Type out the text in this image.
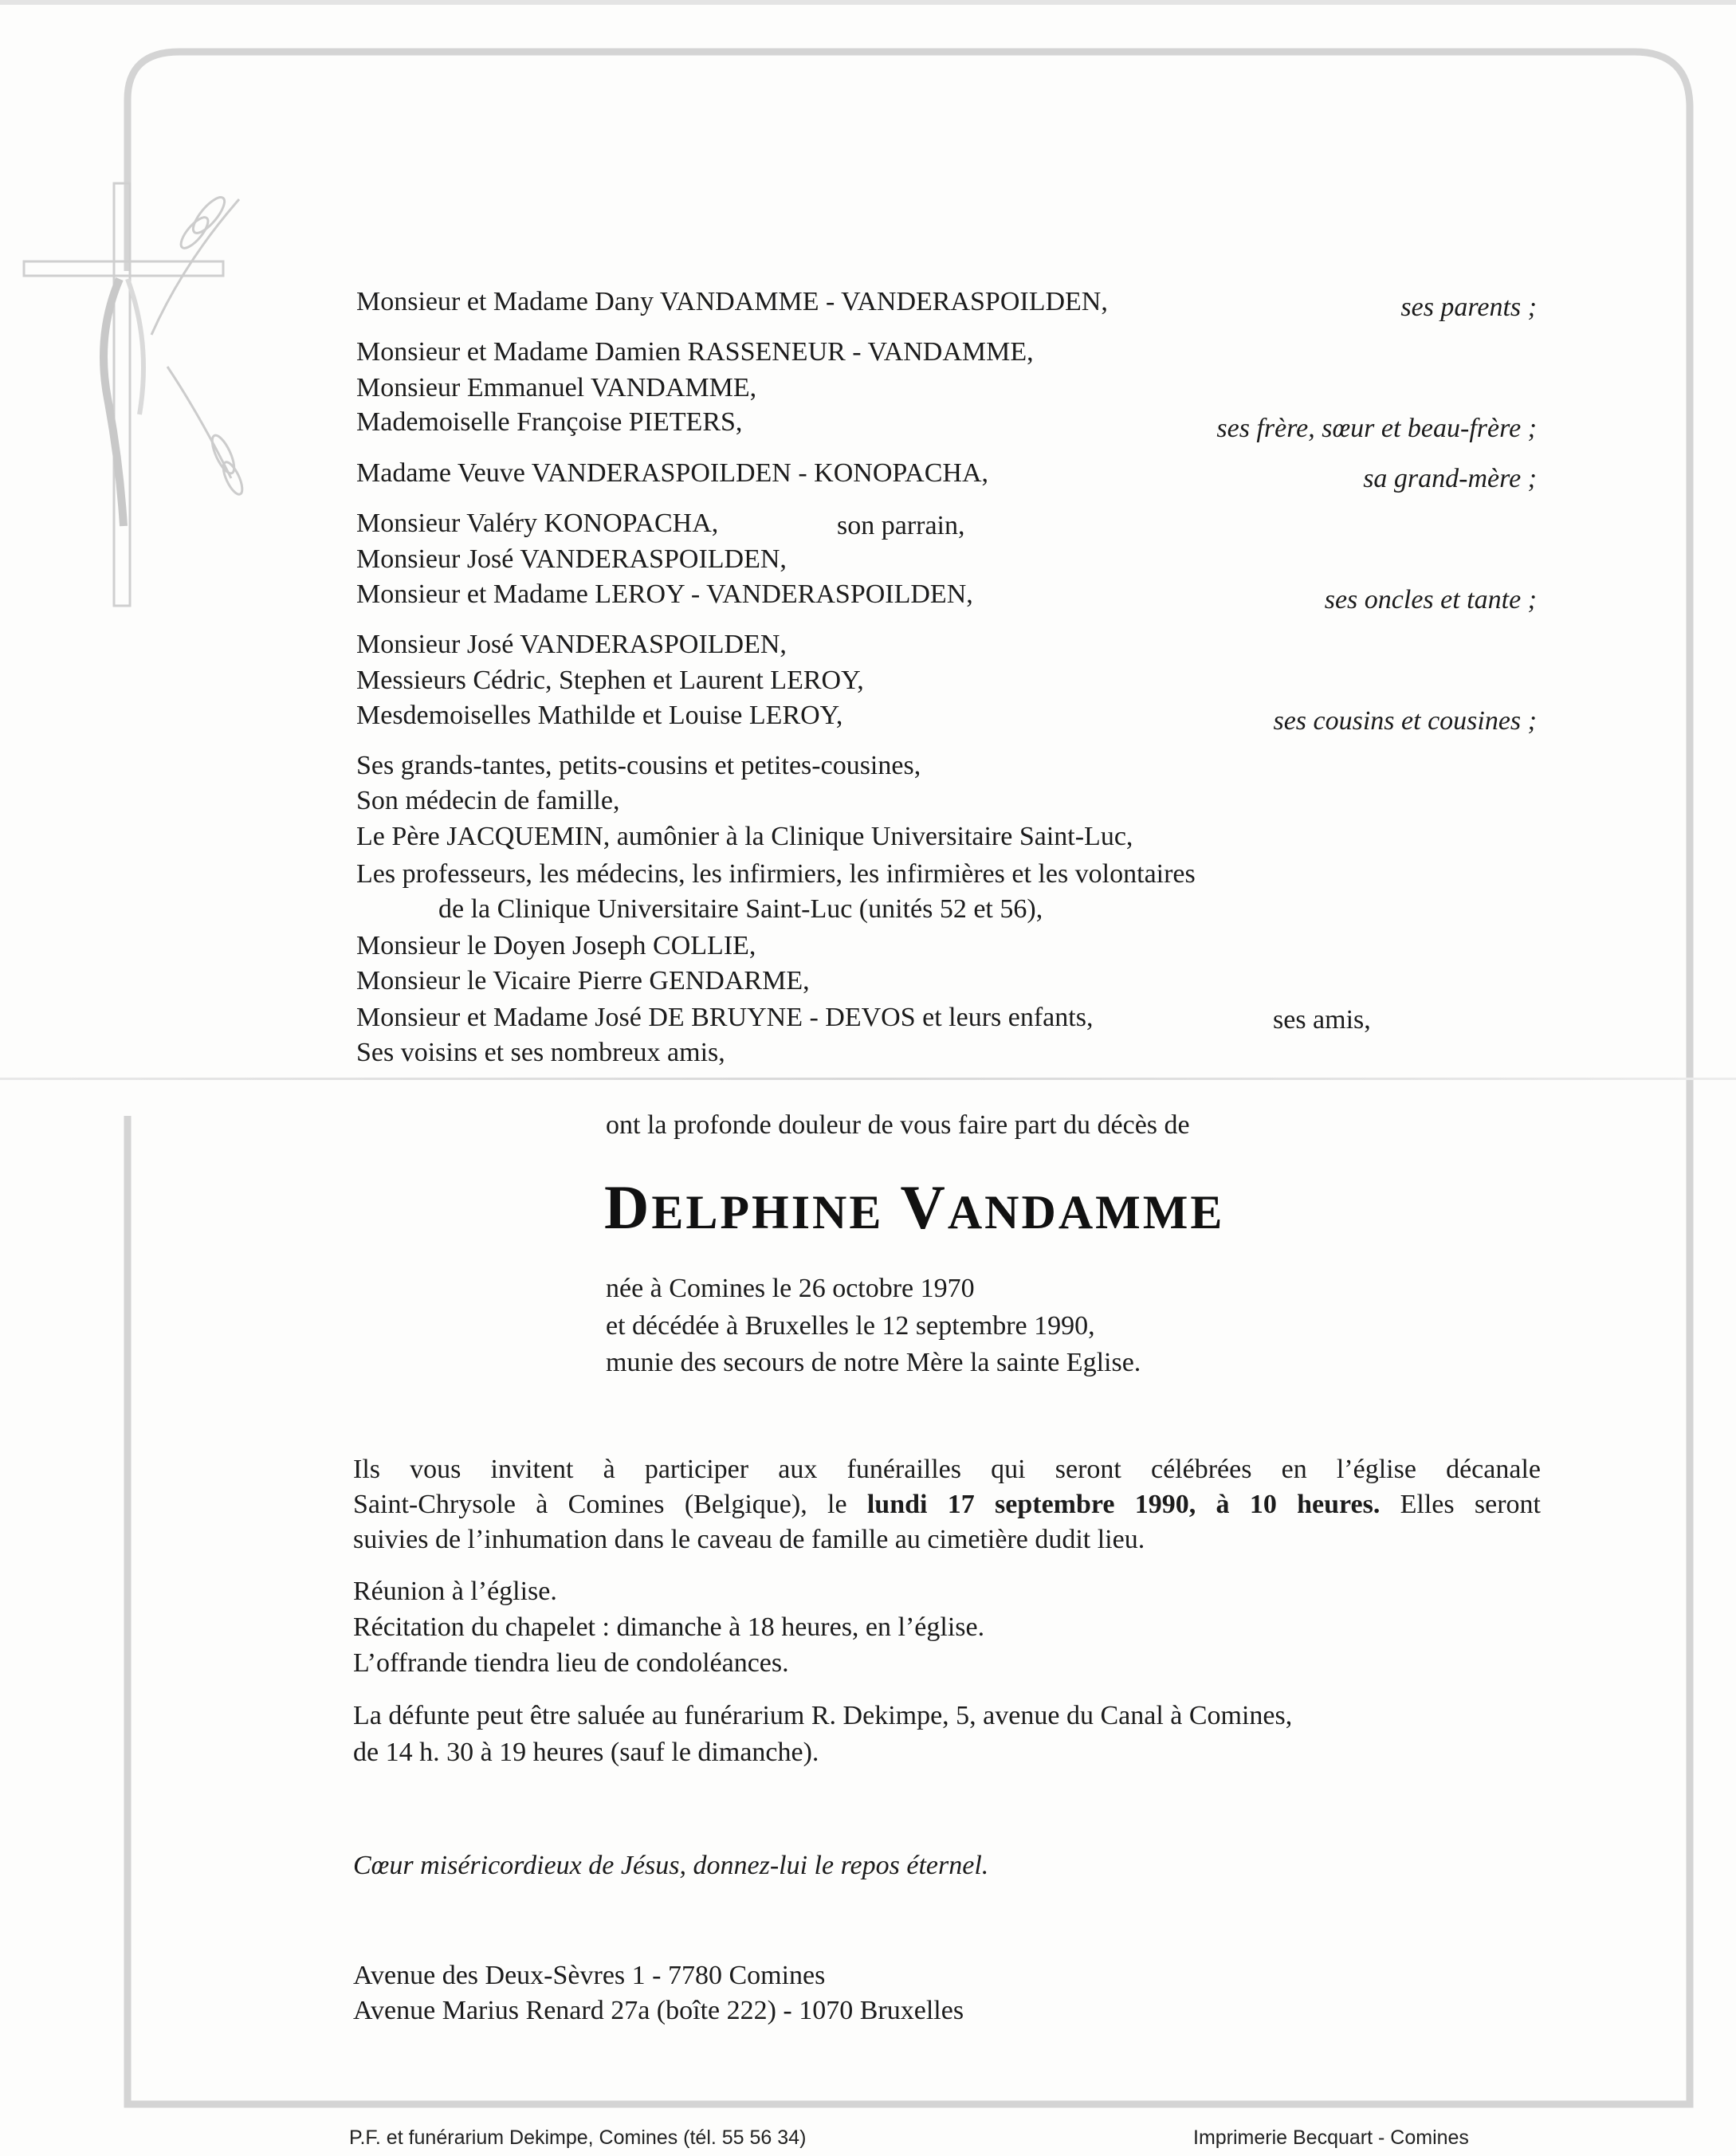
Monsieur et Madame Dany VANDAMME - VANDERASPOILDEN,	ses parents ;
Monsieur et Madame Damien RASSENEUR - VANDAMME,
Monsieur Emmanuel VANDAMME,
Mademoiselle Françoise PIETERS,	ses frère, sœur et beau-frère ;
Madame Veuve VANDERASPOILDEN - KONOPACHA,	sa grand-mère ;
Monsieur Valéry KONOPACHA,	son parrain,
Monsieur José VANDERASPOILDEN,
Monsieur et Madame LEROY - VANDERASPOILDEN,	ses oncles et tante ;
Monsieur José VANDERASPOILDEN,
Messieurs Cédric, Stephen et Laurent LEROY,
Mesdemoiselles Mathilde et Louise LEROY,	ses cousins et cousines ;
Ses grands-tantes, petits-cousins et petites-cousines,
Son médecin de famille,
Le Père JACQUEMIN, aumônier à la Clinique Universitaire Saint-Luc,
Les professeurs, les médecins, les infirmiers, les infirmières et les volontaires
de la Clinique Universitaire Saint-Luc (unités 52 et 56),
Monsieur le Doyen Joseph COLLIE,
Monsieur le Vicaire Pierre GENDARME,
Monsieur et Madame José DE BRUYNE - DEVOS et leurs enfants,	ses amis,
Ses voisins et ses nombreux amis,
ont la profonde douleur de vous faire part du décès de
DELPHINE VANDAMME
née à Comines le 26 octobre 1970
et décédée à Bruxelles le 12 septembre 1990,
munie des secours de notre Mère la sainte Eglise.
Ils vous invitent à participer aux funérailles qui seront célébrées en l’église décanale
Saint-Chrysole à Comines (Belgique), le lundi 17 septembre 1990, à 10 heures. Elles seront
suivies de l’inhumation dans le caveau de famille au cimetière dudit lieu.
Réunion à l’église.
Récitation du chapelet : dimanche à 18 heures, en l’église.
L’offrande tiendra lieu de condoléances.
La défunte peut être saluée au funérarium R. Dekimpe, 5, avenue du Canal à Comines,
de 14 h. 30 à 19 heures (sauf le dimanche).
Cœur miséricordieux de Jésus, donnez-lui le repos éternel.
Avenue des Deux-Sèvres 1 - 7780 Comines
Avenue Marius Renard 27a (boîte 222) - 1070 Bruxelles
P.F. et funérarium Dekimpe, Comines (tél. 55 56 34)	Imprimerie Becquart - Comines
